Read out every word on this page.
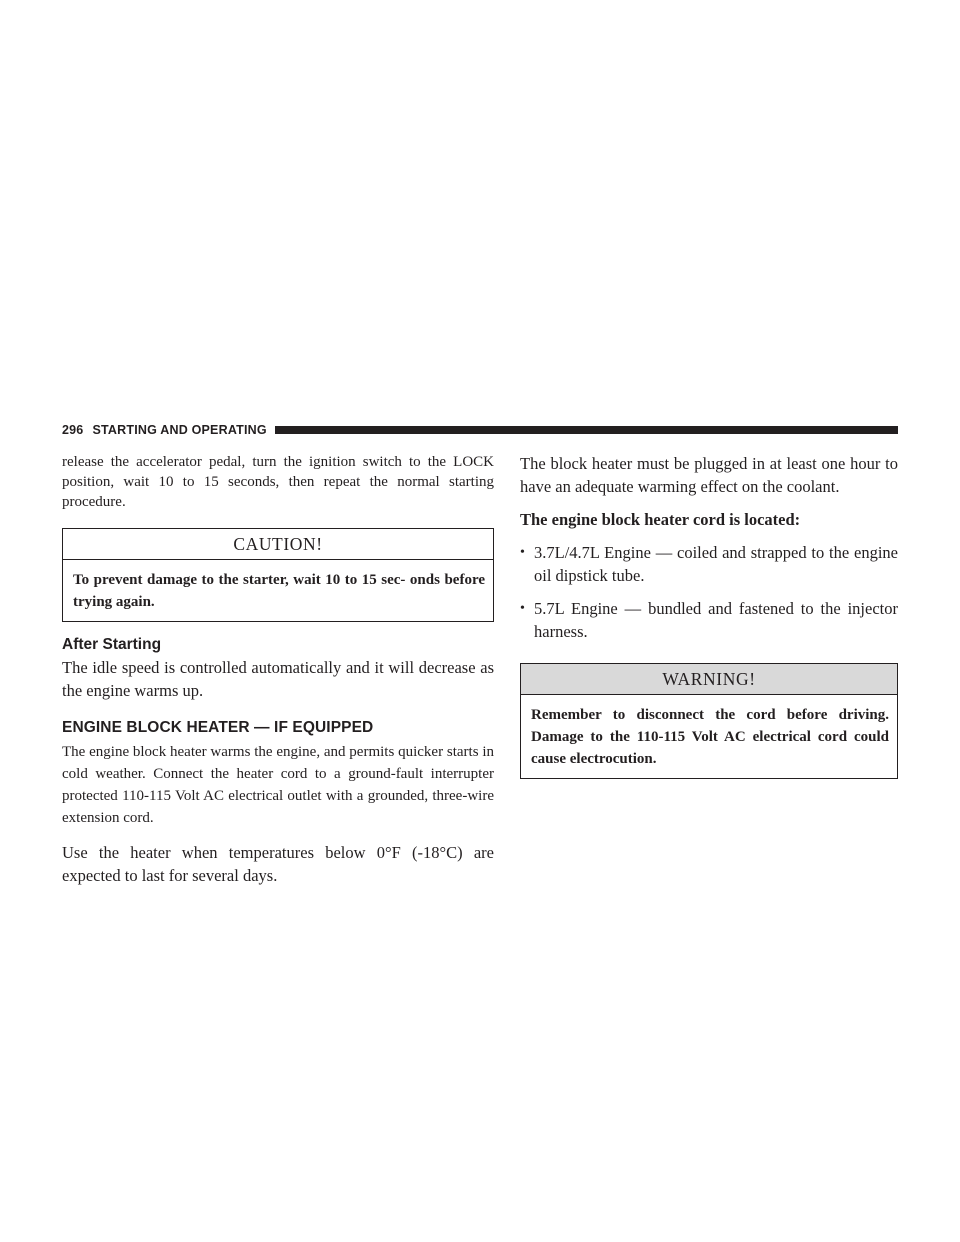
296 STARTING AND OPERATING

release the accelerator pedal, turn the ignition switch to the LOCK position, wait 10 to 15 seconds, then repeat the normal starting procedure.

CAUTION!
To prevent damage to the starter, wait 10 to 15 sec- onds before trying again.
After Starting

The idle speed is controlled automatically and it will decrease as the engine warms up.

ENGINE BLOCK HEATER — IF EQUIPPED

The engine block heater warms the engine, and permits quicker starts in cold weather. Connect the heater cord to a ground-fault interrupter protected 110-115 Volt AC electrical outlet with a grounded, three-wire extension cord.

Use the heater when temperatures below 0°F (-18°C) are expected to last for several days.

The block heater must be plugged in at least one hour to have an adequate warming effect on the coolant.

The engine block heater cord is located:

• 3.7L/4.7L Engine — coiled and strapped to the engine oil dipstick tube.
• 5.7L Engine — bundled and fastened to the injector harness.
WARNING!
Remember to disconnect the cord before driving. Damage to the 110-115 Volt AC electrical cord could cause electrocution.
